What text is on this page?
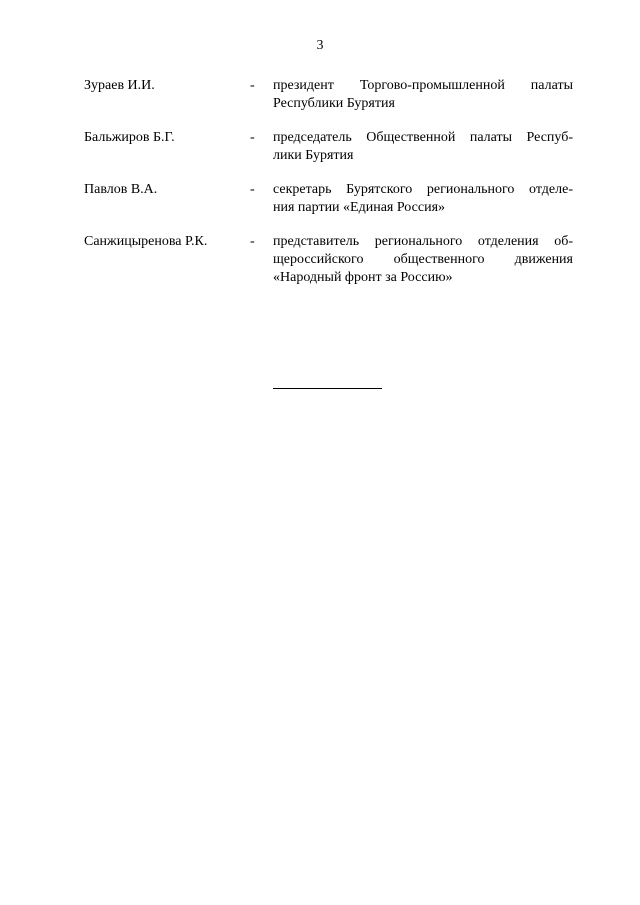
3
Зураев И.И.	- президент Торгово-промышленной палаты
Республики Бурятия
Бальжиров Б.Г.	- председатель Общественной палаты Респуб-
лики Бурятия
Павлов В.А.	- секретарь Бурятского регионального отделе-
ния партии «Единая Россия»
Санжицыренова Р.К.	- представитель регионального отделения об-
щероссийского общественного движения
«Народный фронт за Россию»
